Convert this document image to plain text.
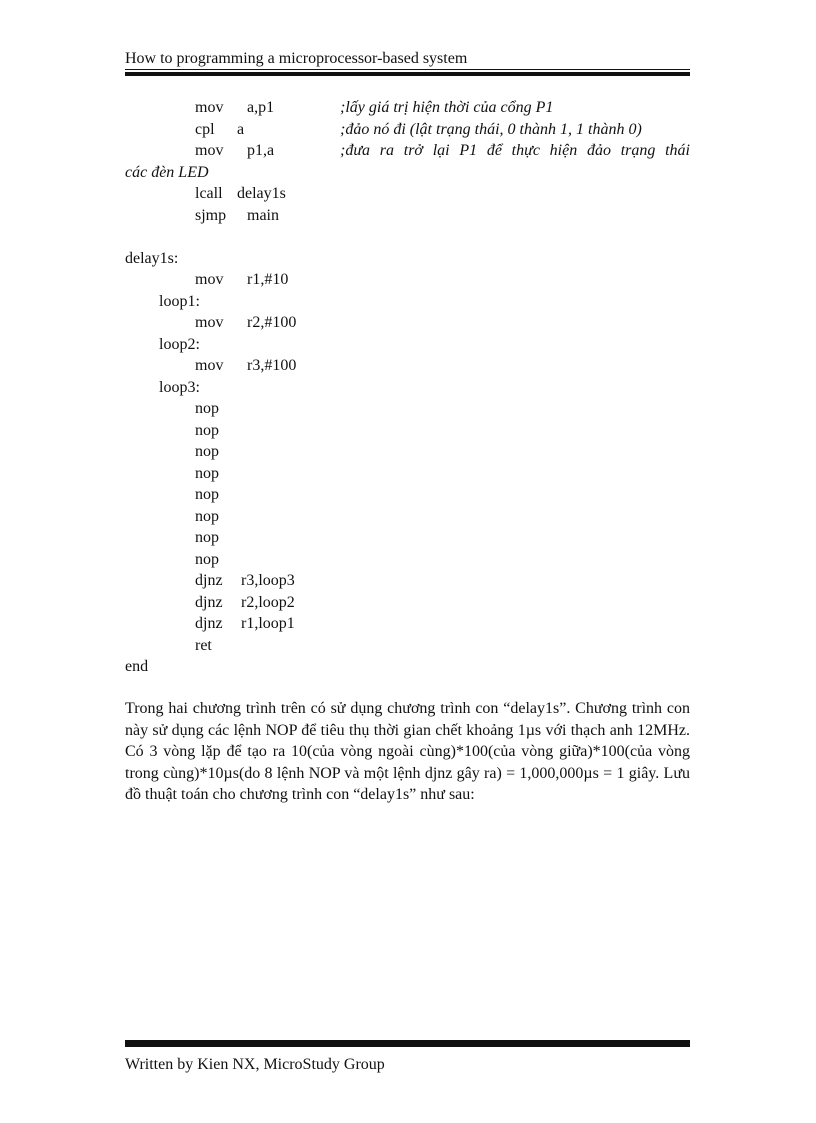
How to programming a microprocessor-based system
mov a,p1	;lấy giá trị hiện thời của cổng P1
cpl a	;đảo nó đi (lật trạng thái, 0 thành 1, 1 thành 0)
mov p1,a	;đưa ra trở lại P1 để thực hiện đảo trạng thái
các đèn LED
lcall delay1s
sjmp main
delay1s:
mov r1,#10
loop1:
mov r2,#100
loop2:
mov r3,#100
loop3:
nop
nop
nop
nop
nop
nop
nop
nop
djnz r3,loop3
djnz r2,loop2
djnz r1,loop1
ret
end

Trong hai chương trình trên có sử dụng chương trình con “delay1s”. Chương trình con này sử dụng các lệnh NOP để tiêu thụ thời gian chết khoảng 1µs với thạch anh 12MHz. Có 3 vòng lặp để tạo ra 10(của vòng ngoài cùng)*100(của vòng giữa)*100(của vòng trong cùng)*10µs(do 8 lệnh NOP và một lệnh djnz gây ra) = 1,000,000µs = 1 giây. Lưu đồ thuật toán cho chương trình con “delay1s” như sau:

Written by Kien NX, MicroStudy Group
